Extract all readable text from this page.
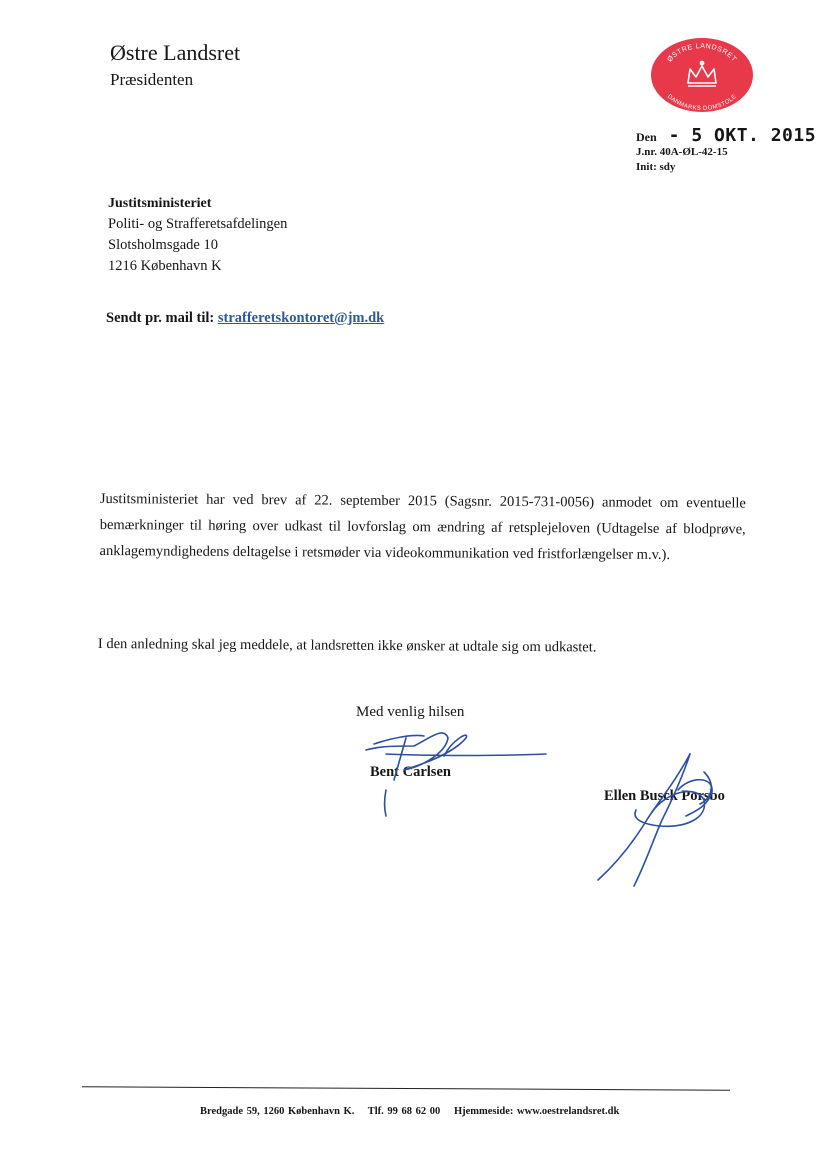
Østre Landsret
Præsidenten
ØSTRE LANDSRET
DANMARKS DOMSTOLE
Den - 5 OKT. 2015
J.nr. 40A-ØL-42-15
Init: sdy
Justitsministeriet
Politi- og Strafferetsafdelingen
Slotsholmsgade 10
1216 København K
Sendt pr. mail til: strafferetskontoret@jm.dk
Justitsministeriet har ved brev af 22. september 2015 (Sagsnr. 2015-731-0056) anmodet om eventuelle bemærkninger til høring over udkast til lovforslag om ændring af retsplejeloven (Udtagelse af blodprøve, anklagemyndighedens deltagelse i retsmøder via videokommunikation ved fristforlængelser m.v.).
I den anledning skal jeg meddele, at landsretten ikke ønsker at udtale sig om udkastet.
Med venlig hilsen
Bent Carlsen
Ellen Busck Porsbo
Bredgade 59, 1260 København K. Tlf. 99 68 62 00 Hjemmeside: www.oestrelandsret.dk
